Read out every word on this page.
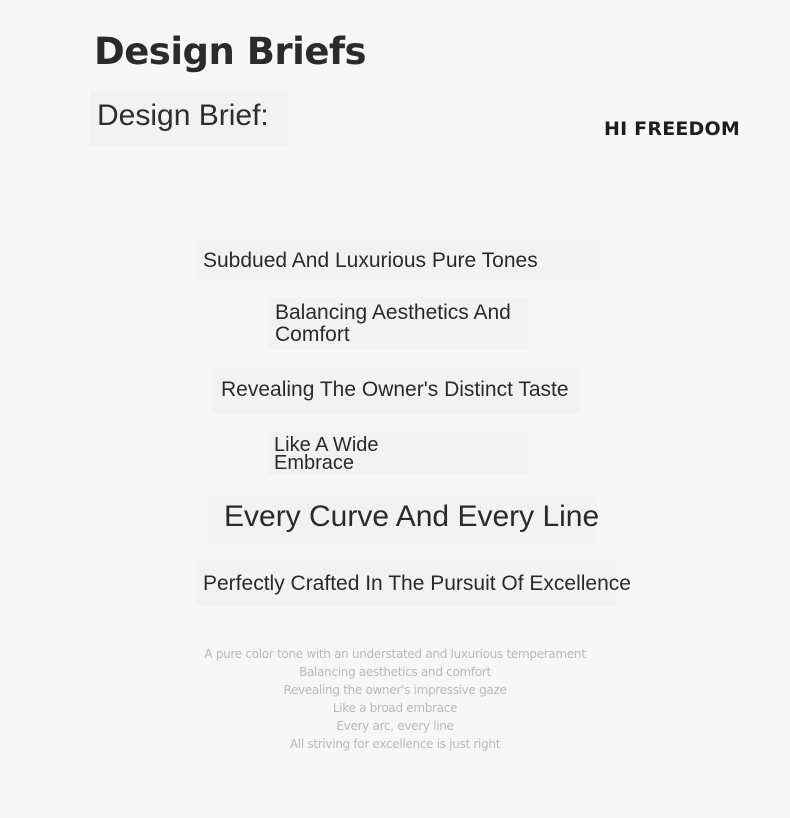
Design Briefs
Design Brief:	HI FREEDOM
Subdued And Luxurious Pure Tones
Balancing Aesthetics And Comfort
Revealing The Owner's Distinct Taste
Like A Wide Embrace
Every Curve And Every Line
Perfectly Crafted In The Pursuit Of Excellence
A pure color tone with an understated and luxurious temperament
Balancing aesthetics and comfort
Revealing the owner's impressive gaze
Like a broad embrace
Every arc, every line
All striving for excellence is just right
